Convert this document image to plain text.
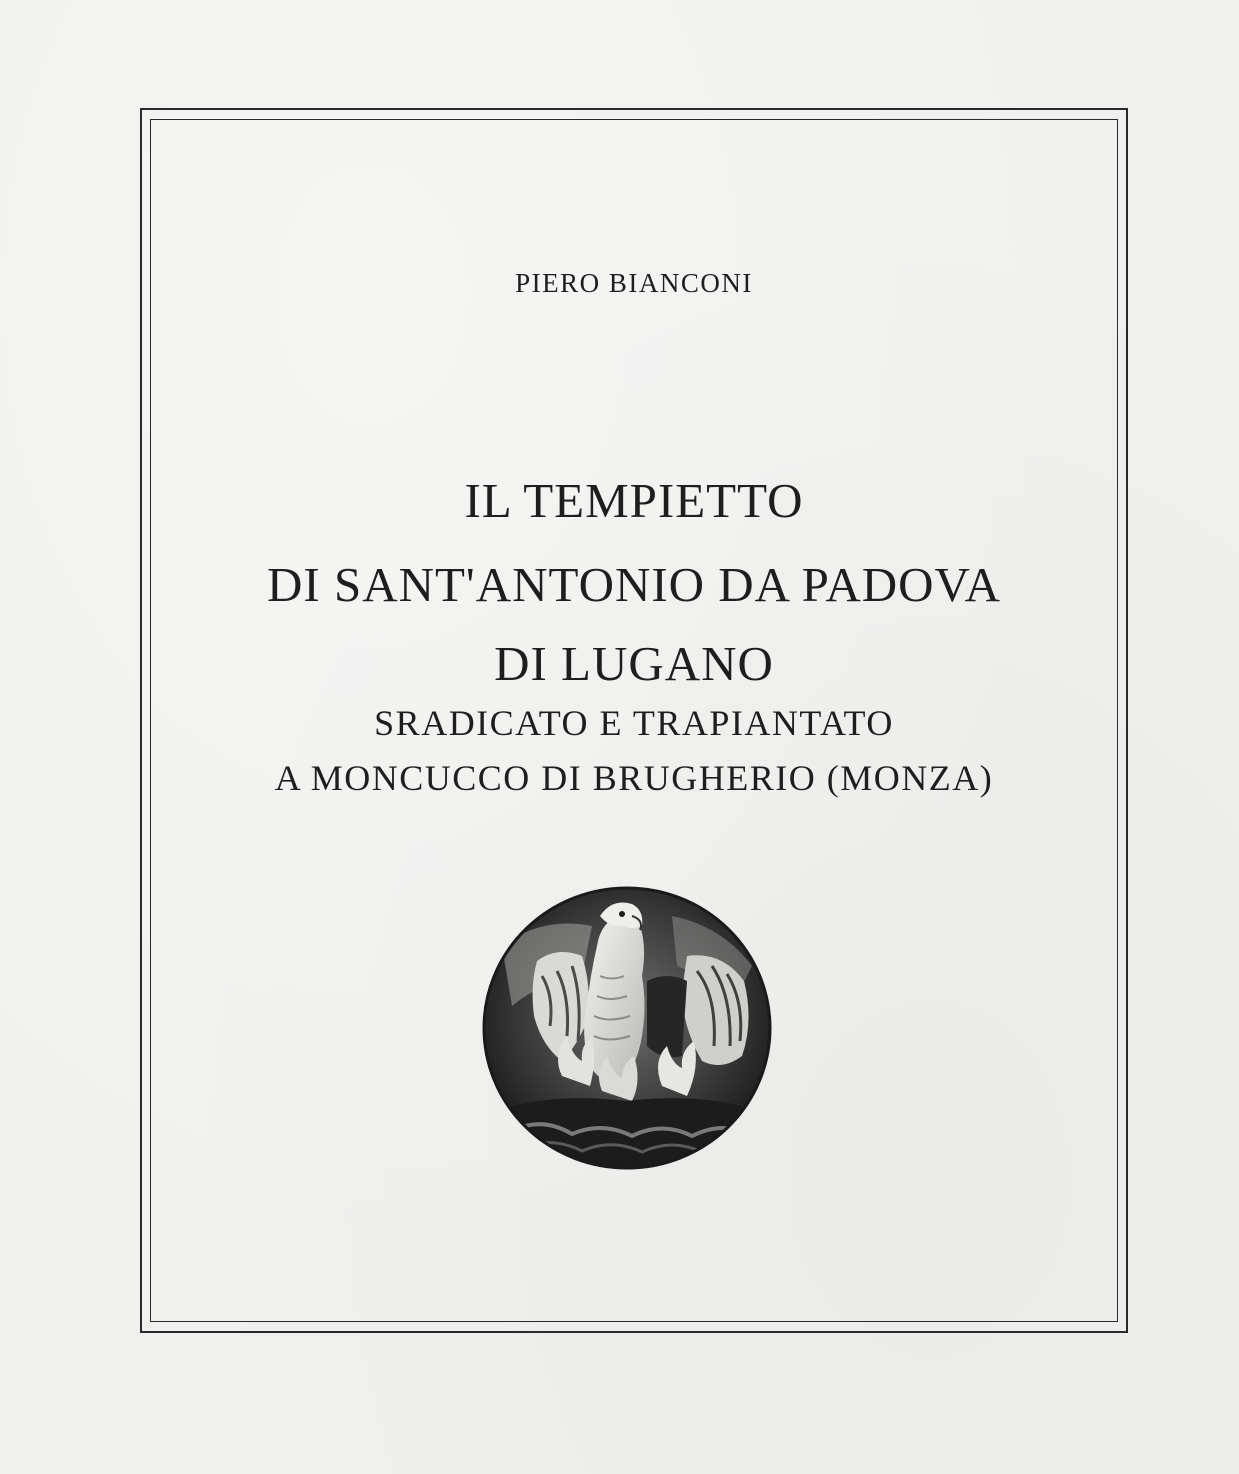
PIERO BIANCONI
IL TEMPIETTO
DI SANT'ANTONIO DA PADOVA
DI LUGANO
SRADICATO E TRAPIANTATO
A MONCUCCO DI BRUGHERIO (MONZA)
